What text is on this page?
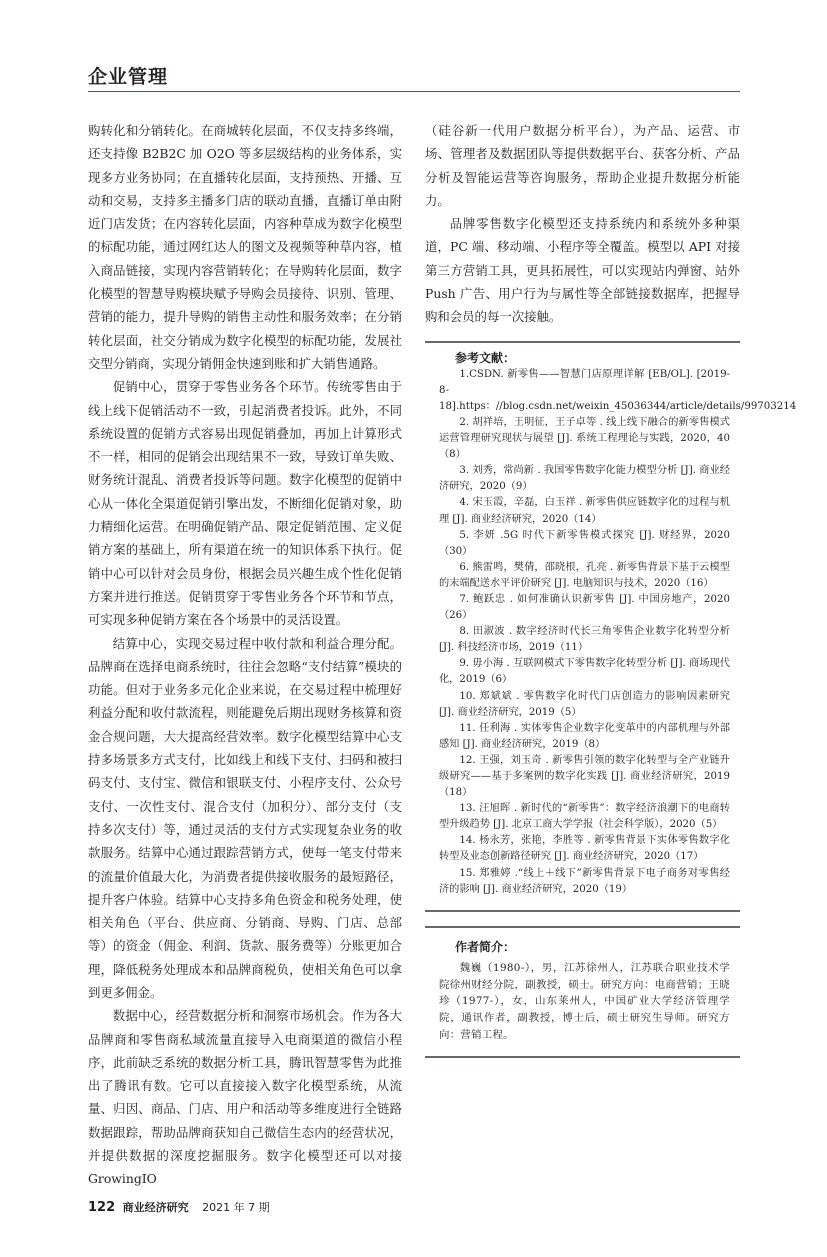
企业管理

购转化和分销转化。在商城转化层面，不仅支持多终端，还支持像 B2B2C 加 O2O 等多层级结构的业务体系，实现多方业务协同；在直播转化层面，支持预热、开播、互动和交易，支持多主播多门店的联动直播，直播订单由附近门店发货；在内容转化层面，内容种草成为数字化模型的标配功能，通过网红达人的图文及视频等种草内容，植入商品链接，实现内容营销转化；在导购转化层面，数字化模型的智慧导购模块赋予导购会员接待、识别、管理、营销的能力，提升导购的销售主动性和服务效率；在分销转化层面，社交分销成为数字化模型的标配功能，发展社交型分销商，实现分销佣金快速到账和扩大销售通路。

促销中心，贯穿于零售业务各个环节。传统零售由于线上线下促销活动不一致，引起消费者投诉。此外，不同系统设置的促销方式容易出现促销叠加，再加上计算形式不一样，相同的促销会出现结果不一致，导致订单失败、财务统计混乱、消费者投诉等问题。数字化模型的促销中心从一体化全渠道促销引擎出发，不断细化促销对象，助力精细化运营。在明确促销产品、限定促销范围、定义促销方案的基础上，所有渠道在统一的知识体系下执行。促销中心可以针对会员身份，根据会员兴趣生成个性化促销方案并进行推送。促销贯穿于零售业务各个环节和节点，可实现多种促销方案在各个场景中的灵活设置。

结算中心，实现交易过程中收付款和利益合理分配。品牌商在选择电商系统时，往往会忽略“支付结算”模块的功能。但对于业务多元化企业来说，在交易过程中梳理好利益分配和收付款流程，则能避免后期出现财务核算和资金合规问题，大大提高经营效率。数字化模型结算中心支持多场景多方式支付，比如线上和线下支付、扫码和被扫码支付、支付宝、微信和银联支付、小程序支付、公众号支付、一次性支付、混合支付（加积分）、部分支付（支持多次支付）等，通过灵活的支付方式实现复杂业务的收款服务。结算中心通过跟踪营销方式，使每一笔支付带来的流量价值最大化，为消费者提供接收服务的最短路径，提升客户体验。结算中心支持多角色资金和税务处理，使相关角色（平台、供应商、分销商、导购、门店、总部等）的资金（佣金、利润、货款、服务费等）分账更加合理，降低税务处理成本和品牌商税负，使相关角色可以拿到更多佣金。

数据中心，经营数据分析和洞察市场机会。作为各大品牌商和零售商私域流量直接导入电商渠道的微信小程序，此前缺乏系统的数据分析工具，腾讯智慧零售为此推出了腾讯有数。它可以直接接入数字化模型系统，从流量、归因、商品、门店、用户和活动等多维度进行全链路数据跟踪，帮助品牌商获知自己微信生态内的经营状况，并提供数据的深度挖掘服务。数字化模型还可以对接 GrowingIO

（硅谷新一代用户数据分析平台），为产品、运营、市场、管理者及数据团队等提供数据平台、获客分析、产品分析及智能运营等咨询服务，帮助企业提升数据分析能力。

品牌零售数字化模型还支持系统内和系统外多种渠道，PC 端、移动端、小程序等全覆盖。模型以 API 对接第三方营销工具，更具拓展性，可以实现站内弹窗、站外 Push 广告、用户行为与属性等全部链接数据库，把握导购和会员的每一次接触。

参考文献：

1.CSDN. 新零售——智慧门店原理详解 [EB/OL]. [2019-8-18].https：//blog.csdn.net/weixin_45036344/article/details/99703214

2. 胡祥培，王明征，王子卓等 . 线上线下融合的新零售模式运营管理研究现状与展望 [J]. 系统工程理论与实践，2020，40（8）

3. 刘秀，常尚新 . 我国零售数字化能力模型分析 [J]. 商业经济研究，2020（9）

4. 宋玉霞，辛磊，白玉祥 . 新零售供应链数字化的过程与机理 [J]. 商业经济研究，2020（14）

5. 李妍 .5G 时代下新零售模式探究 [J]. 财经界，2020（30）

6. 熊雷鸣，樊倩，邵晓根，孔亮 . 新零售背景下基于云模型的末端配送水平评价研究 [J]. 电脑知识与技术，2020（16）

7. 鲍跃忠 . 如何准确认识新零售 [J]. 中国房地产，2020（26）

8. 田淑波 . 数字经济时代长三角零售企业数字化转型分析 [J]. 科技经济市场，2019（11）

9. 毋小海 . 互联网模式下零售数字化转型分析 [J]. 商场现代化，2019（6）

10. 郑斌斌 . 零售数字化时代门店创造力的影响因素研究 [J]. 商业经济研究，2019（5）

11. 任利海 . 实体零售企业数字化变革中的内部机理与外部感知 [J]. 商业经济研究，2019（8）

12. 王强，刘玉奇 . 新零售引领的数字化转型与全产业链升级研究——基于多案例的数字化实践 [J]. 商业经济研究，2019（18）

13. 汪旭晖 . 新时代的“新零售”：数字经济浪潮下的电商转型升级趋势 [J]. 北京工商大学学报（社会科学版），2020（5）

14. 杨永芳，张艳，李胜等 . 新零售背景下实体零售数字化转型及业态创新路径研究 [J]. 商业经济研究，2020（17）

15. 郑雅婷 .“线上＋线下”新零售背景下电子商务对零售经济的影响 [J]. 商业经济研究，2020（19）

作者简介：

魏巍（1980-），男，江苏徐州人，江苏联合职业技术学院徐州财经分院，副教授，硕士。研究方向：电商营销；王晓珍（1977-），女，山东莱州人，中国矿业大学经济管理学院，通讯作者，副教授，博士后，硕士研究生导师。研究方向：营销工程。

122 商业经济研究 2021 年 7 期
